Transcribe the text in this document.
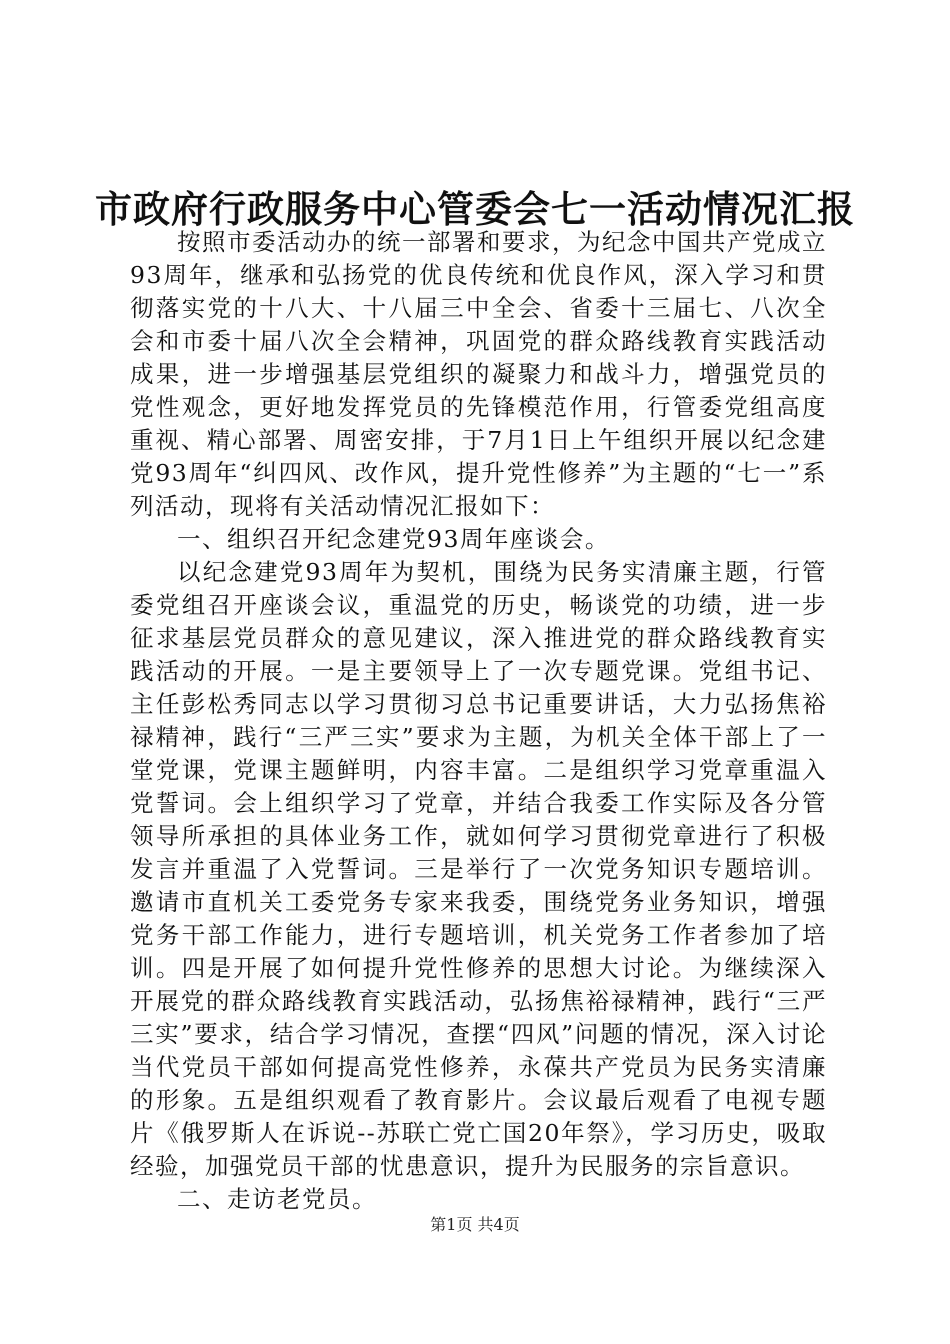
市政府行政服务中心管委会七一活动情况汇报

按照市委活动办的统一部署和要求，为纪念中国共产党成立93周年，继承和弘扬党的优良传统和优良作风，深入学习和贯彻落实党的十八大、十八届三中全会、省委十三届七、八次全会和市委十届八次全会精神，巩固党的群众路线教育实践活动成果，进一步增强基层党组织的凝聚力和战斗力，增强党员的党性观念，更好地发挥党员的先锋模范作用，行管委党组高度重视、精心部署、周密安排，于7月1日上午组织开展以纪念建党93周年“纠四风、改作风，提升党性修养”为主题的“七一”系列活动，现将有关活动情况汇报如下：

一、组织召开纪念建党93周年座谈会。

以纪念建党93周年为契机，围绕为民务实清廉主题，行管委党组召开座谈会议，重温党的历史，畅谈党的功绩，进一步征求基层党员群众的意见建议，深入推进党的群众路线教育实践活动的开展。一是主要领导上了一次专题党课。党组书记、主任彭松秀同志以学习贯彻习总书记重要讲话，大力弘扬焦裕禄精神，践行“三严三实”要求为主题，为机关全体干部上了一堂党课，党课主题鲜明，内容丰富。二是组织学习党章重温入党誓词。会上组织学习了党章，并结合我委工作实际及各分管领导所承担的具体业务工作，就如何学习贯彻党章进行了积极发言并重温了入党誓词。三是举行了一次党务知识专题培训。邀请市直机关工委党务专家来我委，围绕党务业务知识，增强党务干部工作能力，进行专题培训，机关党务工作者参加了培训。四是开展了如何提升党性修养的思想大讨论。为继续深入开展党的群众路线教育实践活动，弘扬焦裕禄精神，践行“三严三实”要求，结合学习情况，查摆“四风”问题的情况，深入讨论当代党员干部如何提高党性修养，永葆共产党员为民务实清廉的形象。五是组织观看了教育影片。会议最后观看了电视专题片《俄罗斯人在诉说--苏联亡党亡国20年祭》，学习历史，吸取经验，加强党员干部的忧患意识，提升为民服务的宗旨意识。

二、走访老党员。

第1页 共4页
